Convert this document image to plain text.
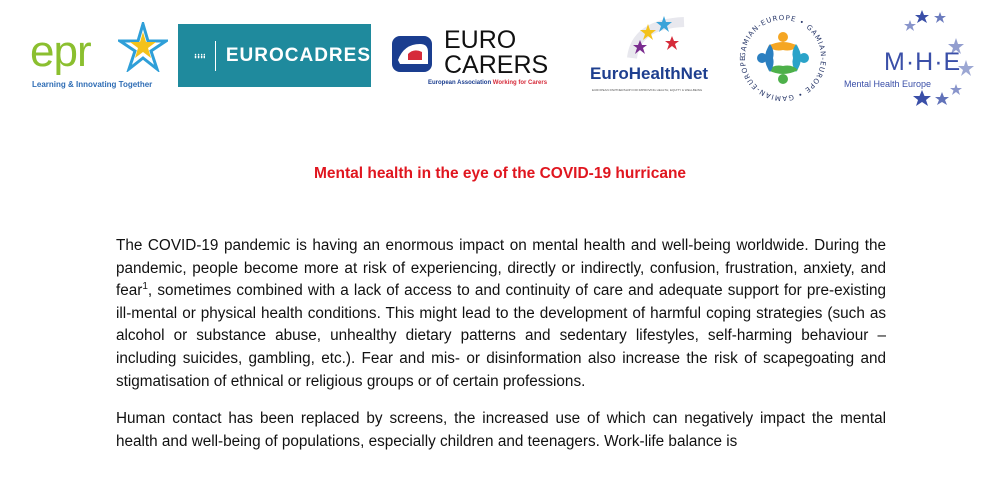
epr
Learning & Innovating Together
EUROCADRES
EURO
CARERS
European Association Working for Carers	EuroHealthNet
EUROPEAN PARTNERSHIP FOR IMPROVING HEALTH, EQUITY & WELLBEING
GAMIAN-EUROPE • GAMIAN-EUROPE • GAMIAN-EUROPE	M·H·E
Mental Health Europe
Mental health in the eye of the COVID-19 hurricane

The COVID-19 pandemic is having an enormous impact on mental health and well-being worldwide. During the pandemic, people become more at risk of experiencing, directly or indirectly, confusion, frustration, anxiety, and fear$^1$, sometimes combined with a lack of access to and continuity of care and adequate support for pre-existing ill-mental or physical health conditions. This might lead to the development of harmful coping strategies (such as alcohol or substance abuse, unhealthy dietary patterns and sedentary lifestyles, self-harming behaviour – including suicides, gambling, etc.). Fear and mis- or disinformation also increase the risk of scapegoating and stigmatisation of ethnical or religious groups or of certain professions.

Human contact has been replaced by screens, the increased use of which can negatively impact the mental health and well-being of populations, especially children and teenagers. Work-life balance is
